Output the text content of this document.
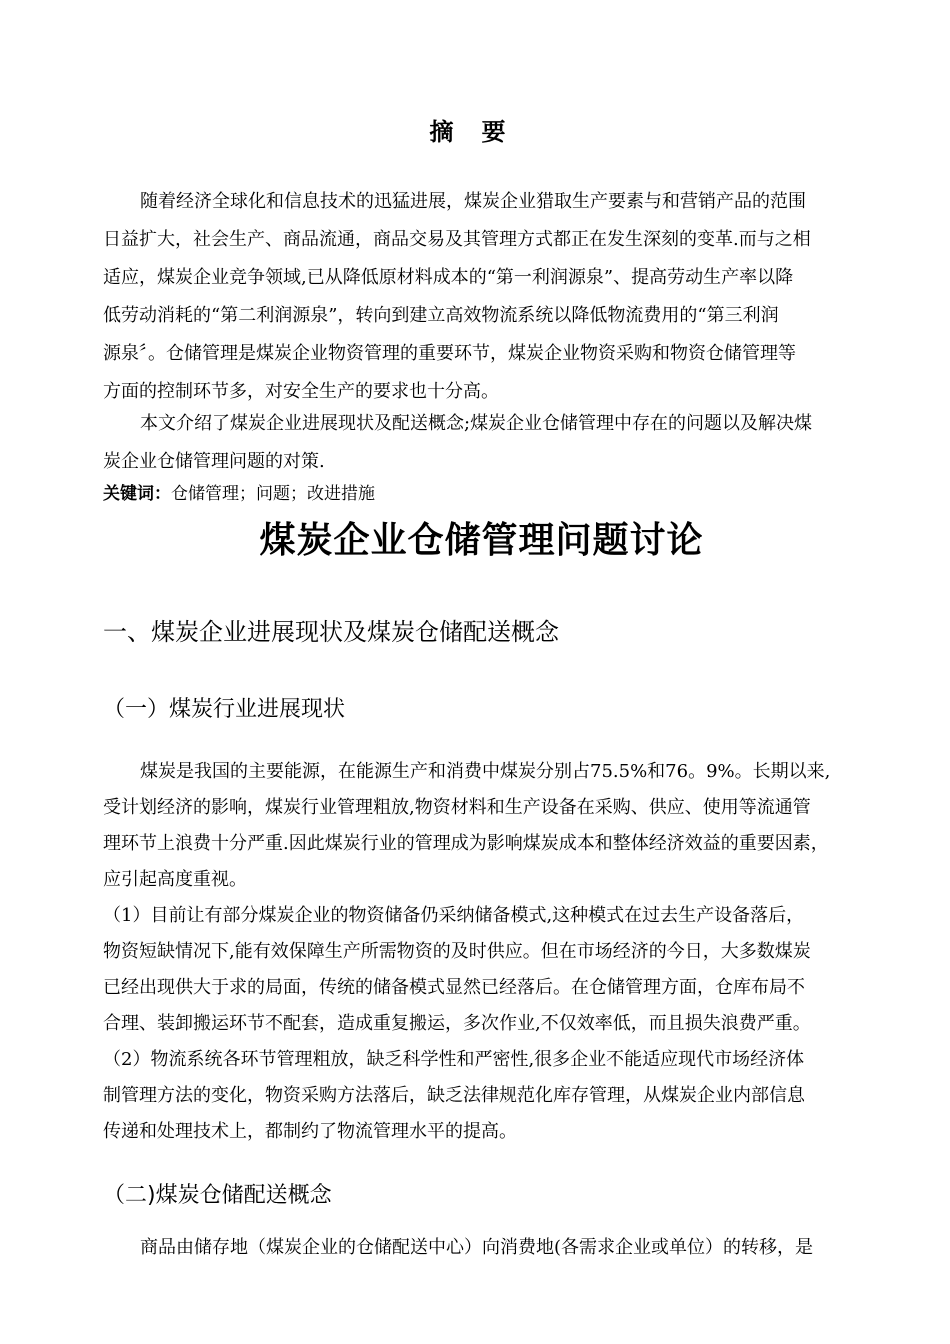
摘要
随着经济全球化和信息技术的迅猛进展，煤炭企业猎取生产要素与和营销产品的范围
日益扩大，社会生产、商品流通，商品交易及其管理方式都正在发生深刻的变革.而与之相
适应，煤炭企业竞争领域,已从降低原材料成本的“第一利润源泉”、提高劳动生产率以降
低劳动消耗的“第二利润源泉”，转向到建立高效物流系统以降低物流费用的“第三利润
源泉〞。仓储管理是煤炭企业物资管理的重要环节，煤炭企业物资采购和物资仓储管理等
方面的控制环节多，对安全生产的要求也十分高。
本文介绍了煤炭企业进展现状及配送概念;煤炭企业仓储管理中存在的问题以及解决煤
炭企业仓储管理问题的对策.
关键词：仓储管理；问题；改进措施
煤炭企业仓储管理问题讨论
一、煤炭企业进展现状及煤炭仓储配送概念
（一）煤炭行业进展现状
煤炭是我国的主要能源，在能源生产和消费中煤炭分别占75.5%和76。9%。长期以来,
受计划经济的影响，煤炭行业管理粗放,物资材料和生产设备在采购、供应、使用等流通管
理环节上浪费十分严重.因此煤炭行业的管理成为影响煤炭成本和整体经济效益的重要因素，
应引起高度重视。
（1）目前让有部分煤炭企业的物资储备仍采纳储备模式,这种模式在过去生产设备落后，
物资短缺情况下,能有效保障生产所需物资的及时供应。但在市场经济的今日，大多数煤炭
已经出现供大于求的局面，传统的储备模式显然已经落后。在仓储管理方面，仓库布局不
合理、装卸搬运环节不配套，造成重复搬运，多次作业,不仅效率低，而且损失浪费严重。
（2）物流系统各环节管理粗放，缺乏科学性和严密性,很多企业不能适应现代市场经济体
制管理方法的变化，物资采购方法落后，缺乏法律规范化库存管理，从煤炭企业内部信息
传递和处理技术上，都制约了物流管理水平的提高。
（二)煤炭仓储配送概念
商品由储存地（煤炭企业的仓储配送中心）向消费地(各需求企业或单位）的转移，是
